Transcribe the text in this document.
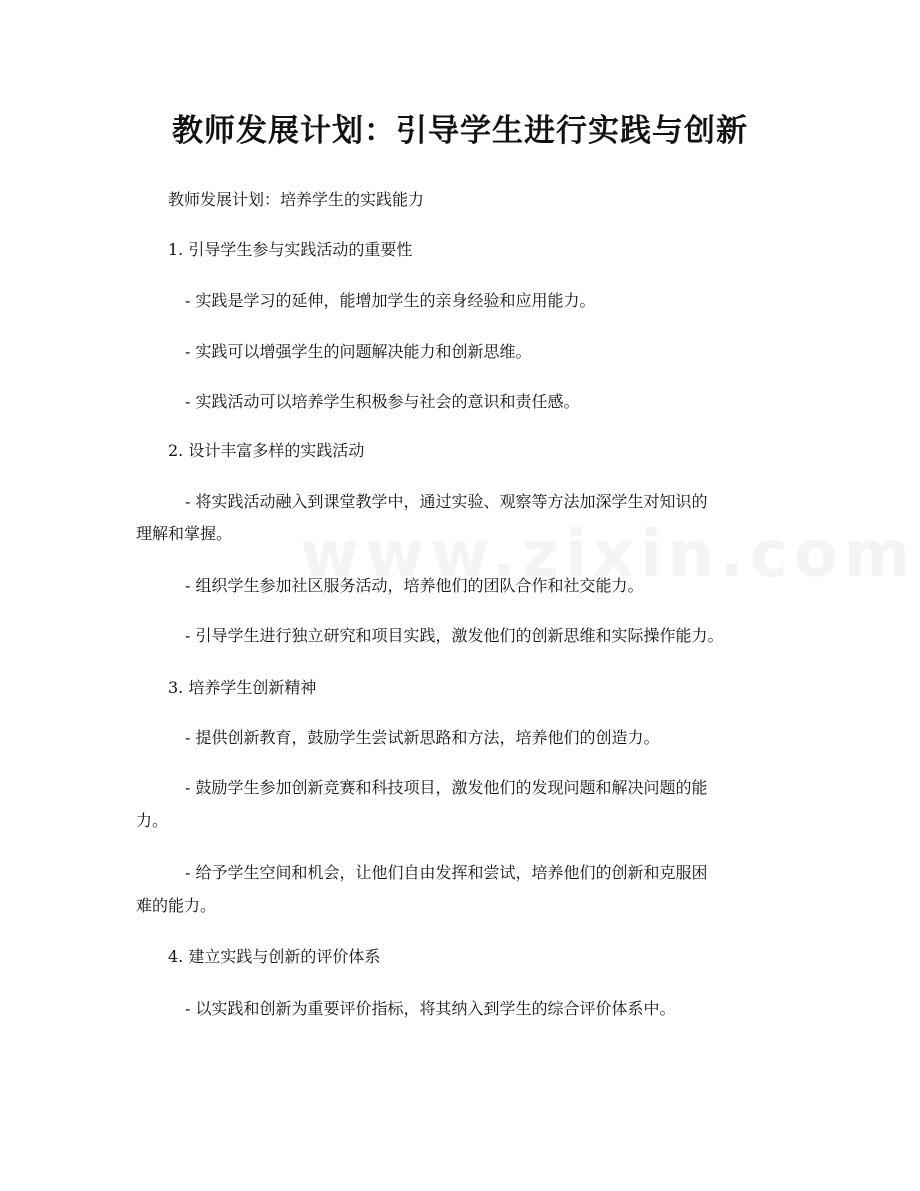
教师发展计划：引导学生进行实践与创新

教师发展计划：培养学生的实践能力

1. 引导学生参与实践活动的重要性

- 实践是学习的延伸，能增加学生的亲身经验和应用能力。

- 实践可以增强学生的问题解决能力和创新思维。

- 实践活动可以培养学生积极参与社会的意识和责任感。

2. 设计丰富多样的实践活动

- 将实践活动融入到课堂教学中，通过实验、观察等方法加深学生对知识的

理解和掌握。

- 组织学生参加社区服务活动，培养他们的团队合作和社交能力。

- 引导学生进行独立研究和项目实践，激发他们的创新思维和实际操作能力。

3. 培养学生创新精神

- 提供创新教育，鼓励学生尝试新思路和方法，培养他们的创造力。

- 鼓励学生参加创新竞赛和科技项目，激发他们的发现问题和解决问题的能

力。

- 给予学生空间和机会，让他们自由发挥和尝试，培养他们的创新和克服困

难的能力。

4. 建立实践与创新的评价体系

- 以实践和创新为重要评价指标，将其纳入到学生的综合评价体系中。
